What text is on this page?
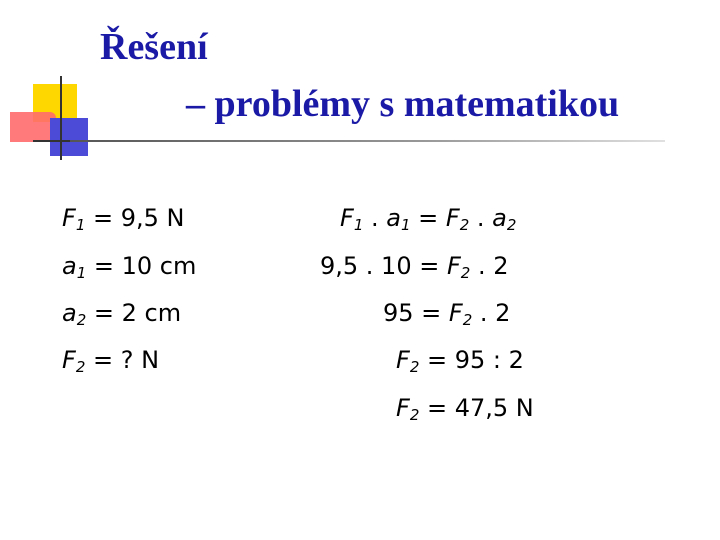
Řešení
– problémy s matematikou
$F_1 = 9,5$ N
$a_1 = 10$ cm
$a_2 = 2$ cm
$F_2$ = ? N
$F_1$ . $a_1 = F_2$ . $a_2$
9,5 . $10 = F_2$ . 2
$95 = F_2$ . 2
$F_2 = 95$ : 2
$F_2 = 47,5$ N
